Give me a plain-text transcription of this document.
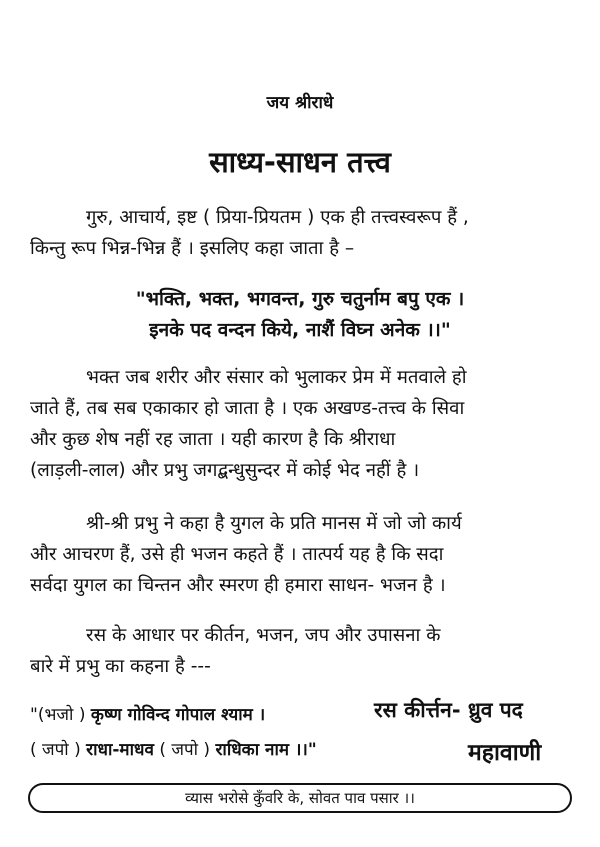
जय श्रीराधे
साध्य-साधन तत्त्व
गुरु, आचार्य, इष्ट ( प्रिया-प्रियतम ) एक ही तत्त्वस्वरूप हैं ,
किन्तु रूप भिन्न-भिन्न हैं । इसलिए कहा जाता है –
"भक्ति, भक्त, भगवन्त, गुरु चतुर्नाम बपु एक ।
इनके पद वन्दन किये, नाशैं विघ्न अनेक ।।"
भक्त जब शरीर और संसार को भुलाकर प्रेम में मतवाले हो
जाते हैं, तब सब एकाकार हो जाता है । एक अखण्ड-तत्त्व के सिवा
और कुछ शेष नहीं रह जाता । यही कारण है कि श्रीराधा
(लाड़ली-लाल) और प्रभु जगद्बन्धुसुन्दर में कोई भेद नहीं है ।
श्री-श्री प्रभु ने कहा है युगल के प्रति मानस में जो जो कार्य
और आचरण हैं, उसे ही भजन कहते हैं । तात्पर्य यह है कि सदा
सर्वदा युगल का चिन्तन और स्मरण ही हमारा साधन- भजन है ।
रस के आधार पर कीर्तन, भजन, जप और उपासना के
बारे में प्रभु का कहना है ---
"(भजो ) कृष्ण गोविन्द गोपाल श्याम ।
( जपो ) राधा-माधव ( जपो ) राधिका नाम ।।"
रस कीर्त्तन- ध्रुव पद
महावाणी
व्यास भरोसे कुँवरि के, सोवत पाव पसार ।।
